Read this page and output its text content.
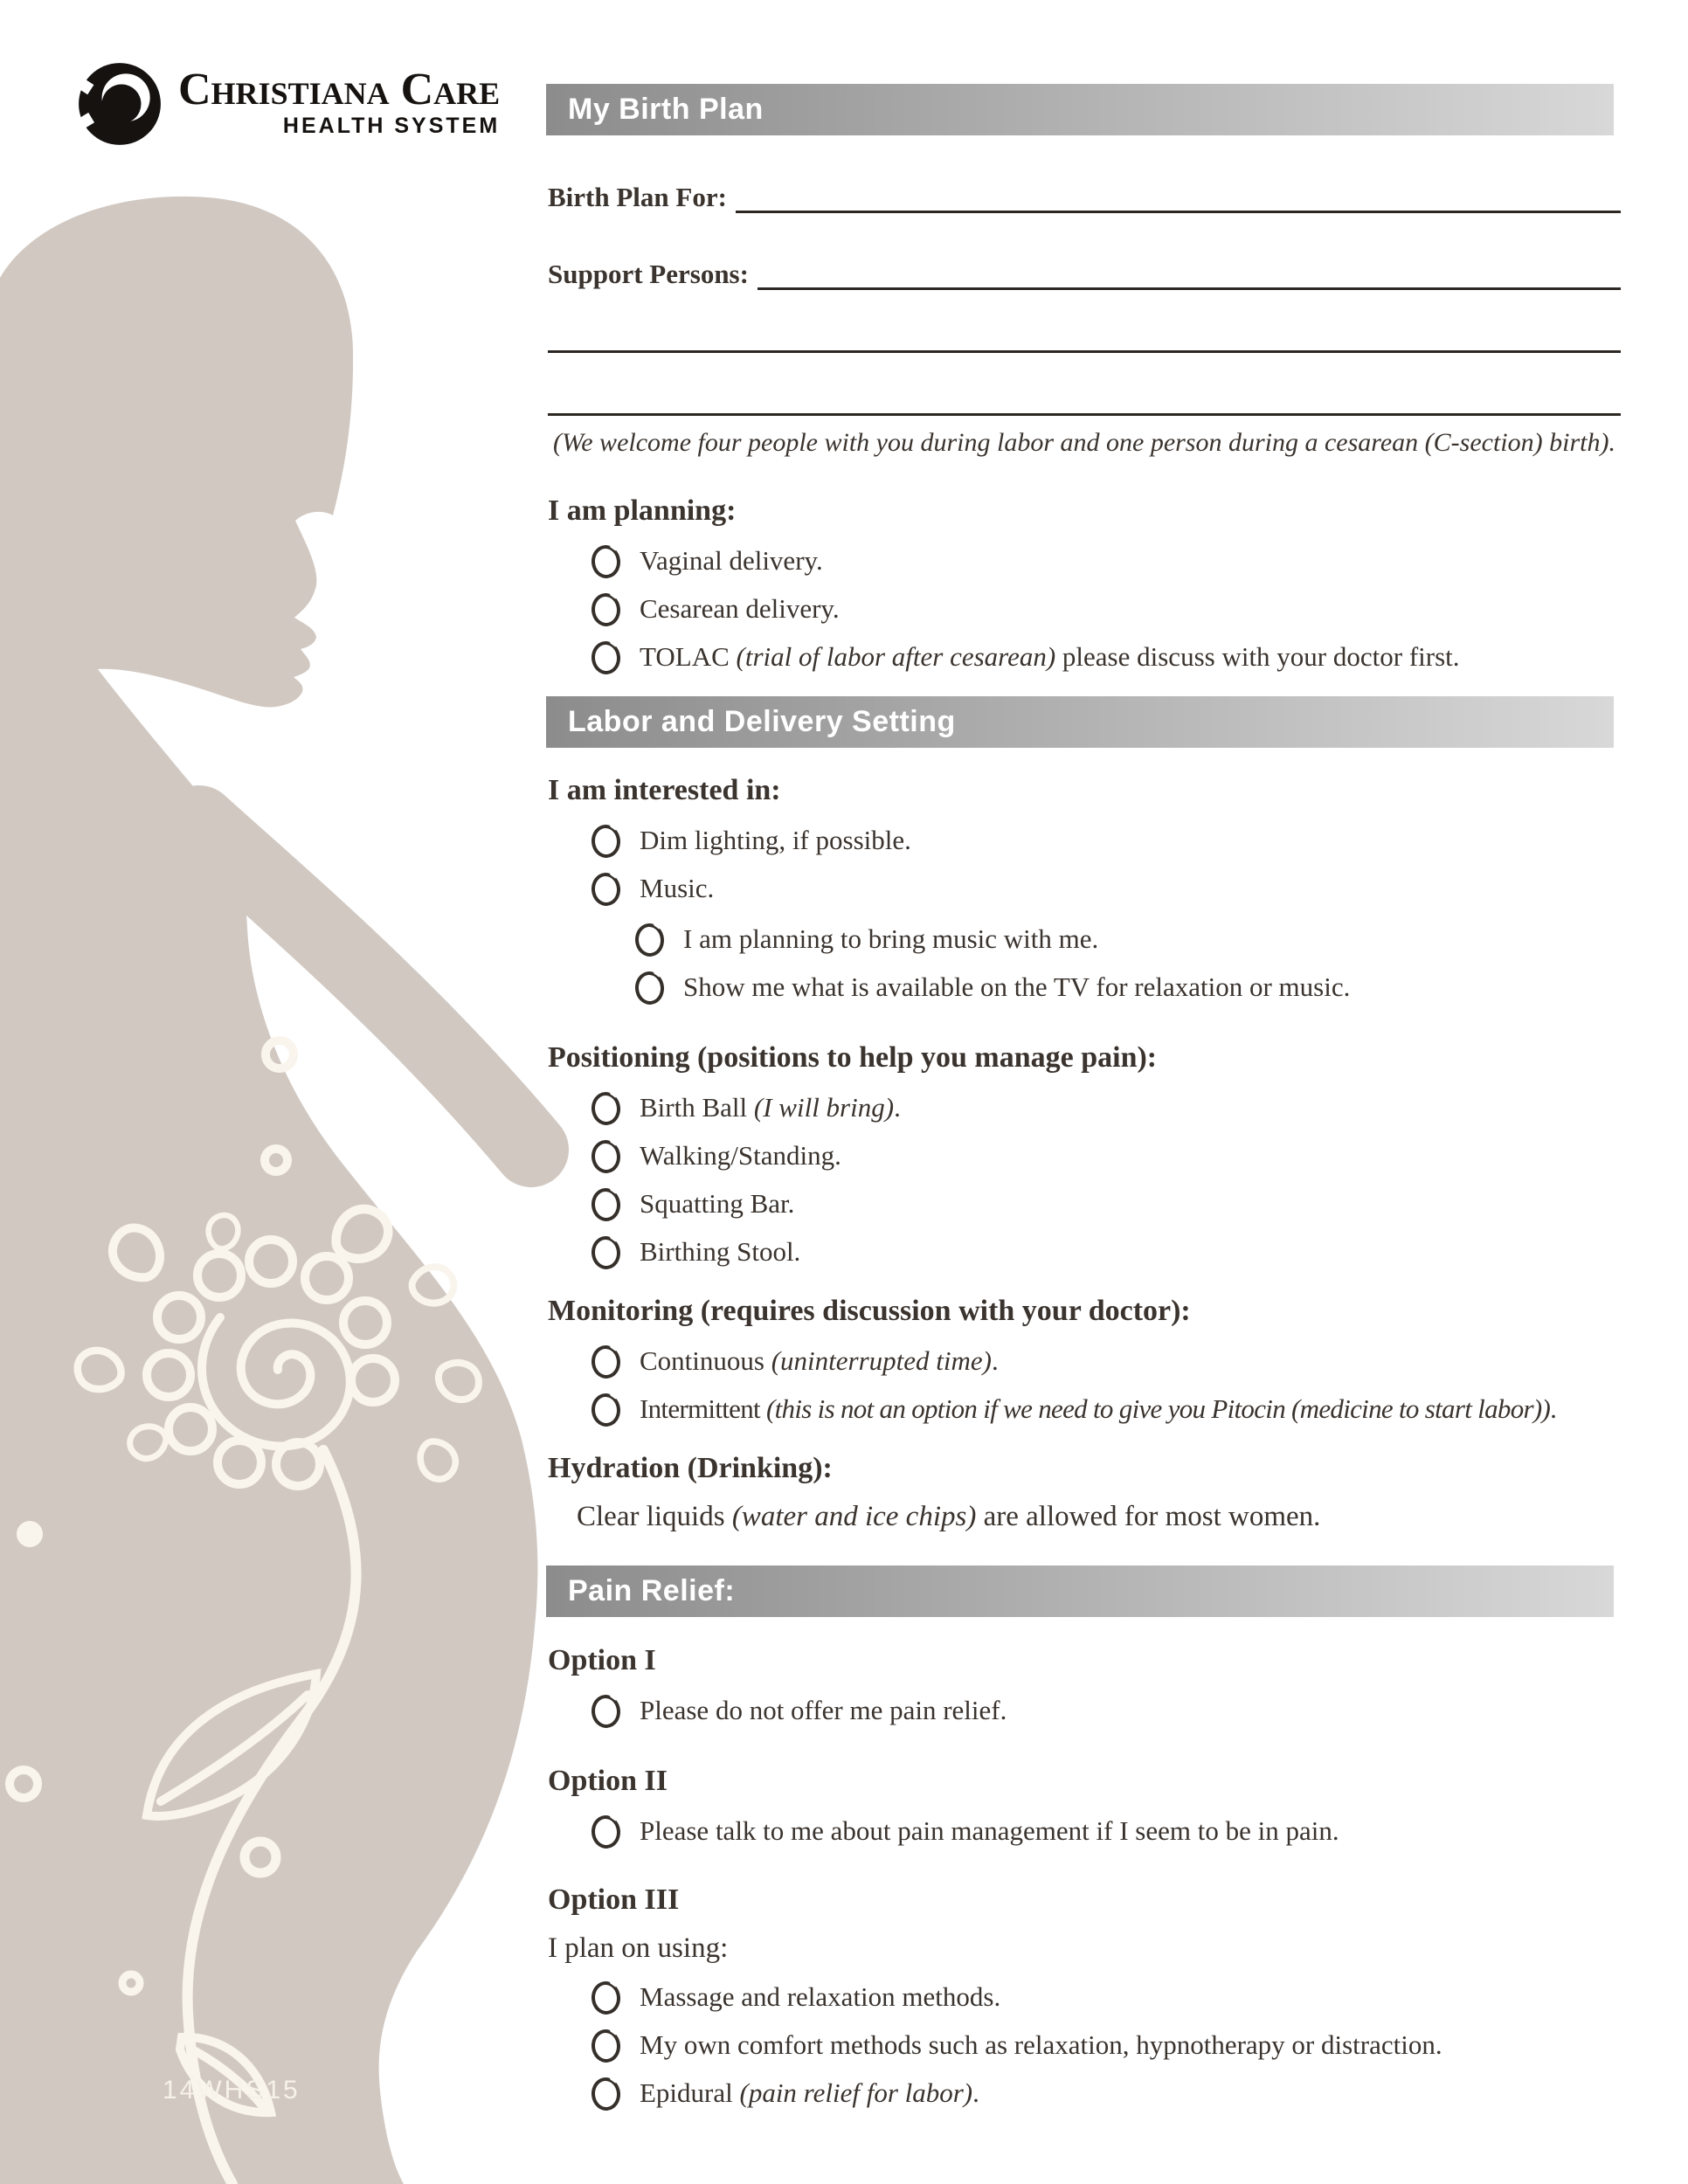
14WHS15
Christiana Care
HEALTH SYSTEM	My Birth Plan
Birth Plan For:
Support Persons:
(We welcome four people with you during labor and one person during a cesarean (C-section) birth).
I am planning:
Vaginal delivery.
Cesarean delivery.
TOLAC (trial of labor after cesarean) please discuss with your doctor first.
Labor and Delivery Setting
I am interested in:
Dim lighting, if possible.
Music.
I am planning to bring music with me.
Show me what is available on the TV for relaxation or music.
Positioning (positions to help you manage pain):
Birth Ball (I will bring).
Walking/Standing.
Squatting Bar.
Birthing Stool.
Monitoring (requires discussion with your doctor):
Continuous (uninterrupted time).
Intermittent (this is not an option if we need to give you Pitocin (medicine to start labor)).
Hydration (Drinking):
Clear liquids (water and ice chips) are allowed for most women.
Pain Relief:
Option I
Please do not offer me pain relief.
Option II
Please talk to me about pain management if I seem to be in pain.
Option III
I plan on using:
Massage and relaxation methods.
My own comfort methods such as relaxation, hypnotherapy or distraction.
Epidural (pain relief for labor).
